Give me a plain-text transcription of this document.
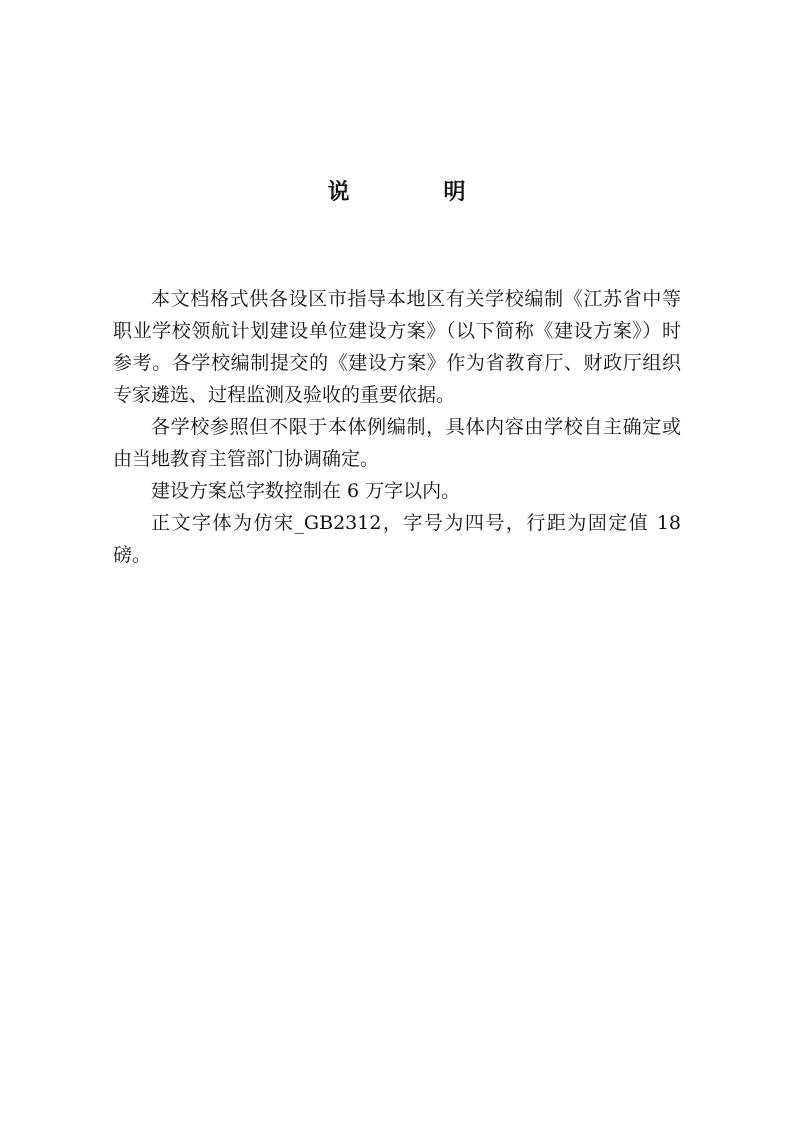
说　明

本文档格式供各设区市指导本地区有关学校编制《江苏省中等职业学校领航计划建设单位建设方案》（以下简称《建设方案》）时参考。各学校编制提交的《建设方案》作为省教育厅、财政厅组织专家遴选、过程监测及验收的重要依据。

各学校参照但不限于本体例编制，具体内容由学校自主确定或由当地教育主管部门协调确定。

建设方案总字数控制在 6 万字以内。

正文字体为仿宋_GB2312，字号为四号，行距为固定值 18 磅。
